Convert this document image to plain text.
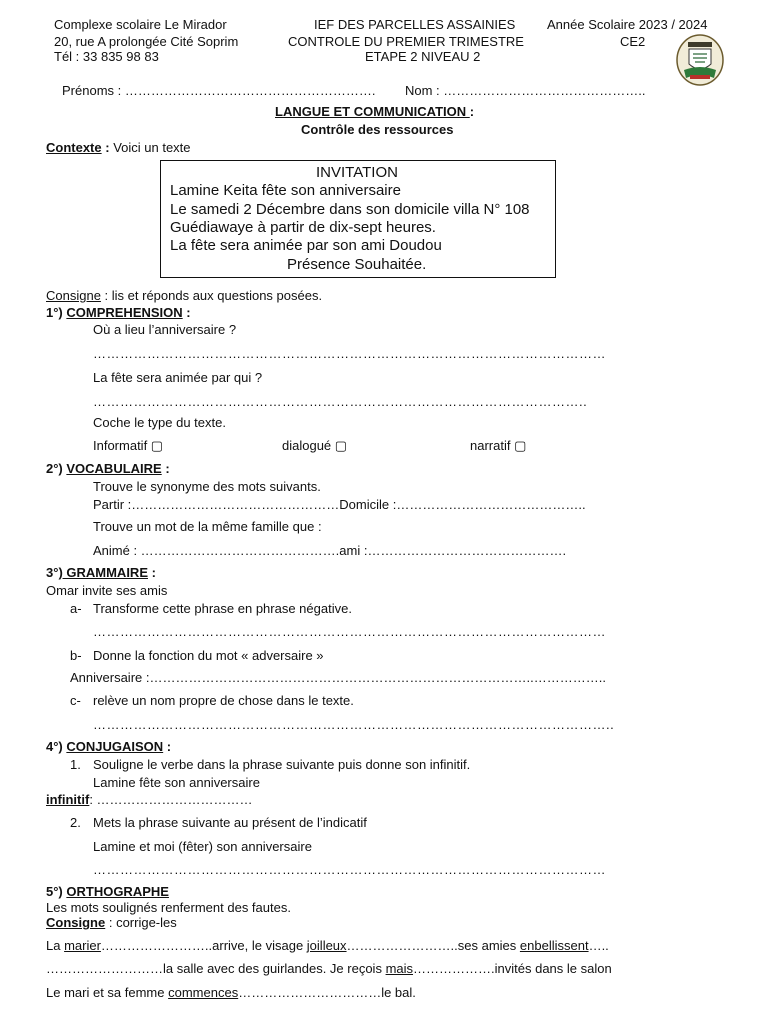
Complexe scolaire Le Mirador
20, rue A prolongée Cité Soprim
Tél : 33 835 98 83
IEF DES PARCELLES ASSAINIES Année Scolaire 2023 / 2024
CONTROLE DU PREMIER TRIMESTRE	CE2
ETAPE 2 NIVEAU 2
Prénoms : …………………………………………………. Nom : ………………………………………..
LANGUE ET COMMUNICATION :
Contrôle des ressources
Contexte : Voici un texte
INVITATION
Lamine Keita fête son anniversaire
Le samedi 2 Décembre dans son domicile villa N° 108
Guédiawaye à partir de dix-sept heures.
La fête sera animée par son ami Doudou
Présence Souhaitée.
Consigne : lis et réponds aux questions posées.
1°) COMPREHENSION :
Où a lieu l’anniversaire ?
……………………………………………………………………………………………………
La fête sera animée par qui ?
………………………………………………………………………………………………..
Coche le type du texte.
Informatif ▢	dialogué ▢	narratif ▢
2°) VOCABULAIRE :
Trouve le synonyme des mots suivants.
Partir :…………………………………………Domicile :……………………………………..
Trouve un mot de la même famille que :
Animé : ……………………………………….ami :……………………………………….
3°) GRAMMAIRE :
Omar invite ses amis
a- Transforme cette phrase en phrase négative.
……………………………………………………………………………………………………
b- Donne la fonction du mot « adversaire »
Anniversaire :……………………………………………………………………………..……………..
c- relève un nom propre de chose dans le texte.
……………………………………………………………………………………………………..
4°) CONJUGAISON :
1. Souligne le verbe dans la phrase suivante puis donne son infinitif.
Lamine fête son anniversaire
infinitif: ………………………………
2. Mets la phrase suivante au présent de l’indicatif
Lamine et moi (fêter) son anniversaire
……………………………………………………………………………………………………
5°) ORTHOGRAPHE
Les mots soulignés renferment des fautes.
Consigne : corrige-les
La marier……………………..arrive, le visage joilleux……………………..ses amies enbellissent…..
………………………la salle avec des guirlandes. Je reçois mais……………….invités dans le salon
Le mari et sa femme commences……………………………le bal.
